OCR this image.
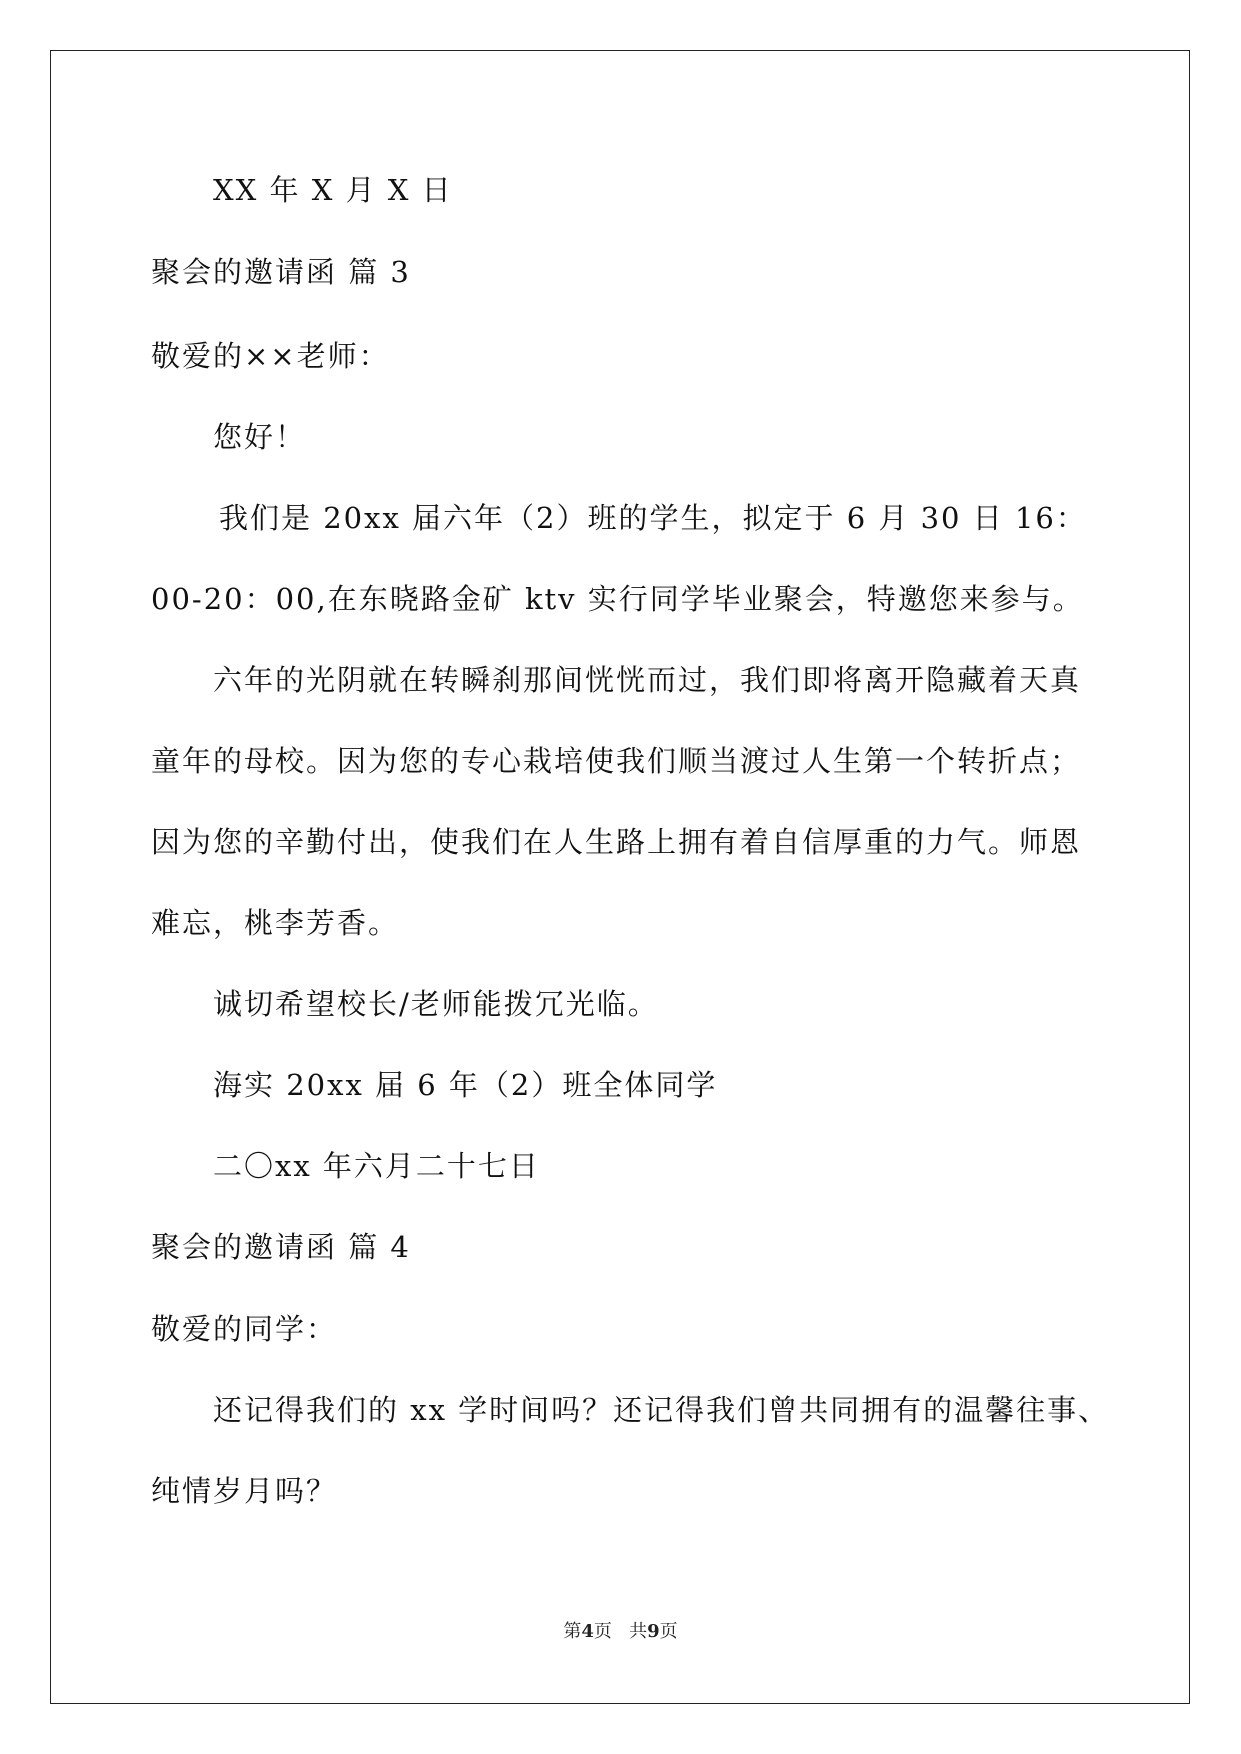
XX 年 X 月 X 日
聚会的邀请函 篇 3
敬爱的××老师：
您好！
我们是 20xx 届六年（2）班的学生，拟定于 6 月 30 日 16：
00-20：00,在东晓路金矿 ktv 实行同学毕业聚会，特邀您来参与。
六年的光阴就在转瞬刹那间恍恍而过，我们即将离开隐藏着天真
童年的母校。因为您的专心栽培使我们顺当渡过人生第一个转折点；
因为您的辛勤付出，使我们在人生路上拥有着自信厚重的力气。师恩
难忘，桃李芳香。
诚切希望校长/老师能拨冗光临。
海实 20xx 届 6 年（2）班全体同学
二〇xx 年六月二十七日
聚会的邀请函 篇 4
敬爱的同学：
还记得我们的 xx 学时间吗？还记得我们曾共同拥有的温馨往事、
纯情岁月吗？
第4页 共9页
